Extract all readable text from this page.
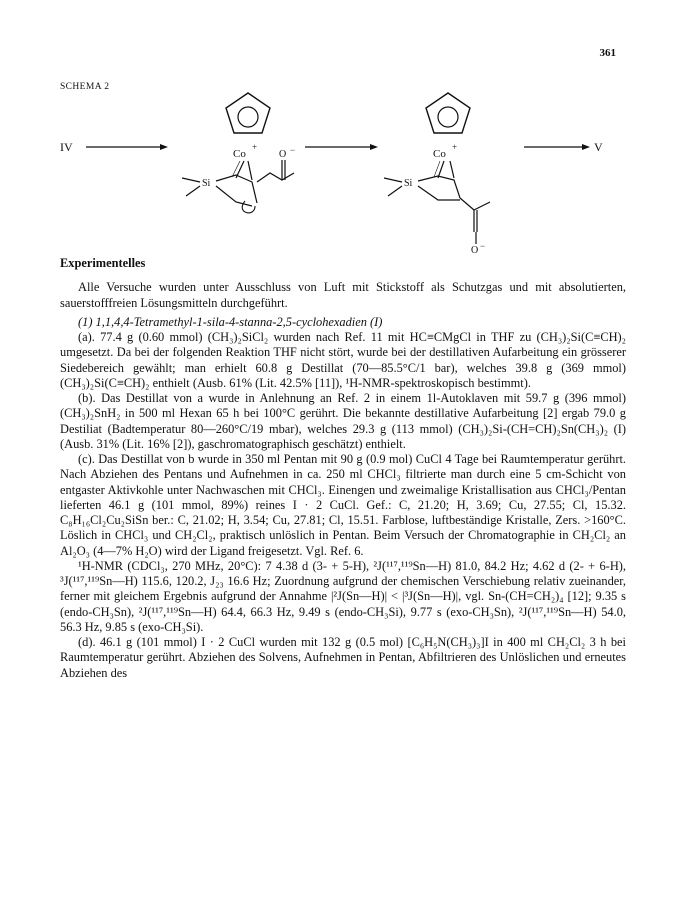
361
SCHEMA 2
IV	Co
+
Si
O −	Co
+
Si
O −
V

Experimentelles

Alle Versuche wurden unter Ausschluss von Luft mit Stickstoff als Schutzgas und mit absolutierten, sauerstofffreien Lösungsmitteln durchgeführt.

(1) 1,1,4,4-Tetramethyl-1-sila-4-stanna-2,5-cyclohexadien (I)

(a). 77.4 g (0.60 mmol) (CH₃)₂SiCl₂ wurden nach Ref. 11 mit HC≡CMgCl in THF zu (CH₃)₂Si(C≡CH)₂ umgesetzt. Da bei der folgenden Reaktion THF nicht stört, wurde bei der destillativen Aufarbeitung ein grösserer Siedebereich gewählt; man erhielt 60.8 g Destillat (70—85.5°C/1 bar), welches 39.8 g (369 mmol) (CH₃)₂Si(C≡CH)₂ enthielt (Ausb. 61% (Lit. 42.5% [11]), ¹H-NMR-spektroskopisch bestimmt).

(b). Das Destillat von a wurde in Anlehnung an Ref. 2 in einem 1l-Autoklaven mit 59.7 g (396 mmol) (CH₃)₂SnH₂ in 500 ml Hexan 65 h bei 100°C gerührt. Die bekannte destillative Aufarbeitung [2] ergab 79.0 g Destiliat (Badtemperatur 80—260°C/19 mbar), welches 29.3 g (113 mmol) (CH₃)₂Si-(CH=CH)₂Sn(CH₃)₂ (I) (Ausb. 31% (Lit. 16% [2]), gaschromatographisch geschätzt) enthielt.

(c). Das Destillat von b wurde in 350 ml Pentan mit 90 g (0.9 mol) CuCl 4 Tage bei Raumtemperatur gerührt. Nach Abziehen des Pentans und Aufnehmen in ca. 250 ml CHCl₃ filtrierte man durch eine 5 cm-Schicht von entgaster Aktivkohle unter Nachwaschen mit CHCl₃. Einengen und zweimalige Kristallisation aus CHCl₃/Pentan lieferten 46.1 g (101 mmol, 89%) reines I · 2 CuCl. Gef.: C, 21.20; H, 3.69; Cu, 27.55; Cl, 15.32. C₈H₁₆Cl₂Cu₂SiSn ber.: C, 21.02; H, 3.54; Cu, 27.81; Cl, 15.51. Farblose, luftbeständige Kristalle, Zers. >160°C. Löslich in CHCl₃ und CH₂Cl₂, praktisch unlöslich in Pentan. Beim Versuch der Chromatographie in CH₂Cl₂ an Al₂O₃ (4—7% H₂O) wird der Ligand freigesetzt. Vgl. Ref. 6.

¹H-NMR (CDCl₃, 270 MHz, 20°C): 7 4.38 d (3- + 5-H), ²J(¹¹⁷,¹¹⁹Sn—H) 81.0, 84.2 Hz; 4.62 d (2- + 6-H), ³J(¹¹⁷,¹¹⁹Sn—H) 115.6, 120.2, J₂₃ 16.6 Hz; Zuordnung aufgrund der chemischen Verschiebung relativ zueinander, ferner mit gleichem Ergebnis aufgrund der Annahme |²J(Sn—H)| < |³J(Sn—H)|, vgl. Sn-(CH=CH₂)₄ [12]; 9.35 s (endo-CH₃Sn), ²J(¹¹⁷,¹¹⁹Sn—H) 64.4, 66.3 Hz, 9.49 s (endo-CH₃Si), 9.77 s (exo-CH₃Sn), ²J(¹¹⁷,¹¹⁹Sn—H) 54.0, 56.3 Hz, 9.85 s (exo-CH₃Si).

(d). 46.1 g (101 mmol) I · 2 CuCl wurden mit 132 g (0.5 mol) [C₆H₅N(CH₃)₃]I in 400 ml CH₂Cl₂ 3 h bei Raumtemperatur gerührt. Abziehen des Solvens, Aufnehmen in Pentan, Abfiltrieren des Unlöslichen und erneutes Abziehen des
